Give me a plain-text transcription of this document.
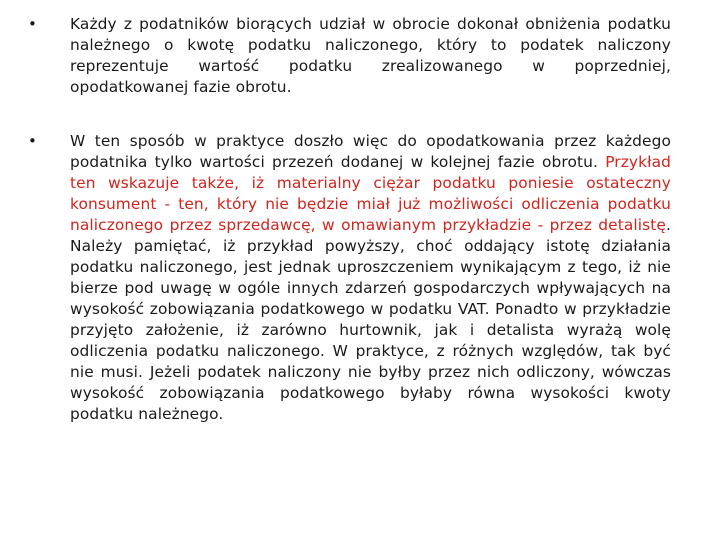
•	Każdy z podatników biorących udział w obrocie dokonał obniżenia podatku należnego o kwotę podatku naliczonego, który to podatek naliczony reprezentuje wartość podatku zrealizowanego w poprzedniej, opodatkowanej fazie obrotu.
•	W ten sposób w praktyce doszło więc do opodatkowania przez każdego podatnika tylko wartości przezeń dodanej w kolejnej fazie obrotu. Przykład ten wskazuje także, iż materialny ciężar podatku poniesie ostateczny konsument - ten, który nie będzie miał już możliwości odliczenia podatku naliczonego przez sprzedawcę, w omawianym przykładzie - przez detalistę. Należy pamiętać, iż przykład powyższy, choć oddający istotę działania podatku naliczonego, jest jednak uproszczeniem wynikającym z tego, iż nie bierze pod uwagę w ogóle innych zdarzeń gospodarczych wpływających na wysokość zobowiązania podatkowego w podatku VAT. Ponadto w przykładzie przyjęto założenie, iż zarówno hurtownik, jak i detalista wyrażą wolę odliczenia podatku naliczonego. W praktyce, z różnych względów, tak być nie musi. Jeżeli podatek naliczony nie byłby przez nich odliczony, wówczas wysokość zobowiązania podatkowego byłaby równa wysokości kwoty podatku należnego.
